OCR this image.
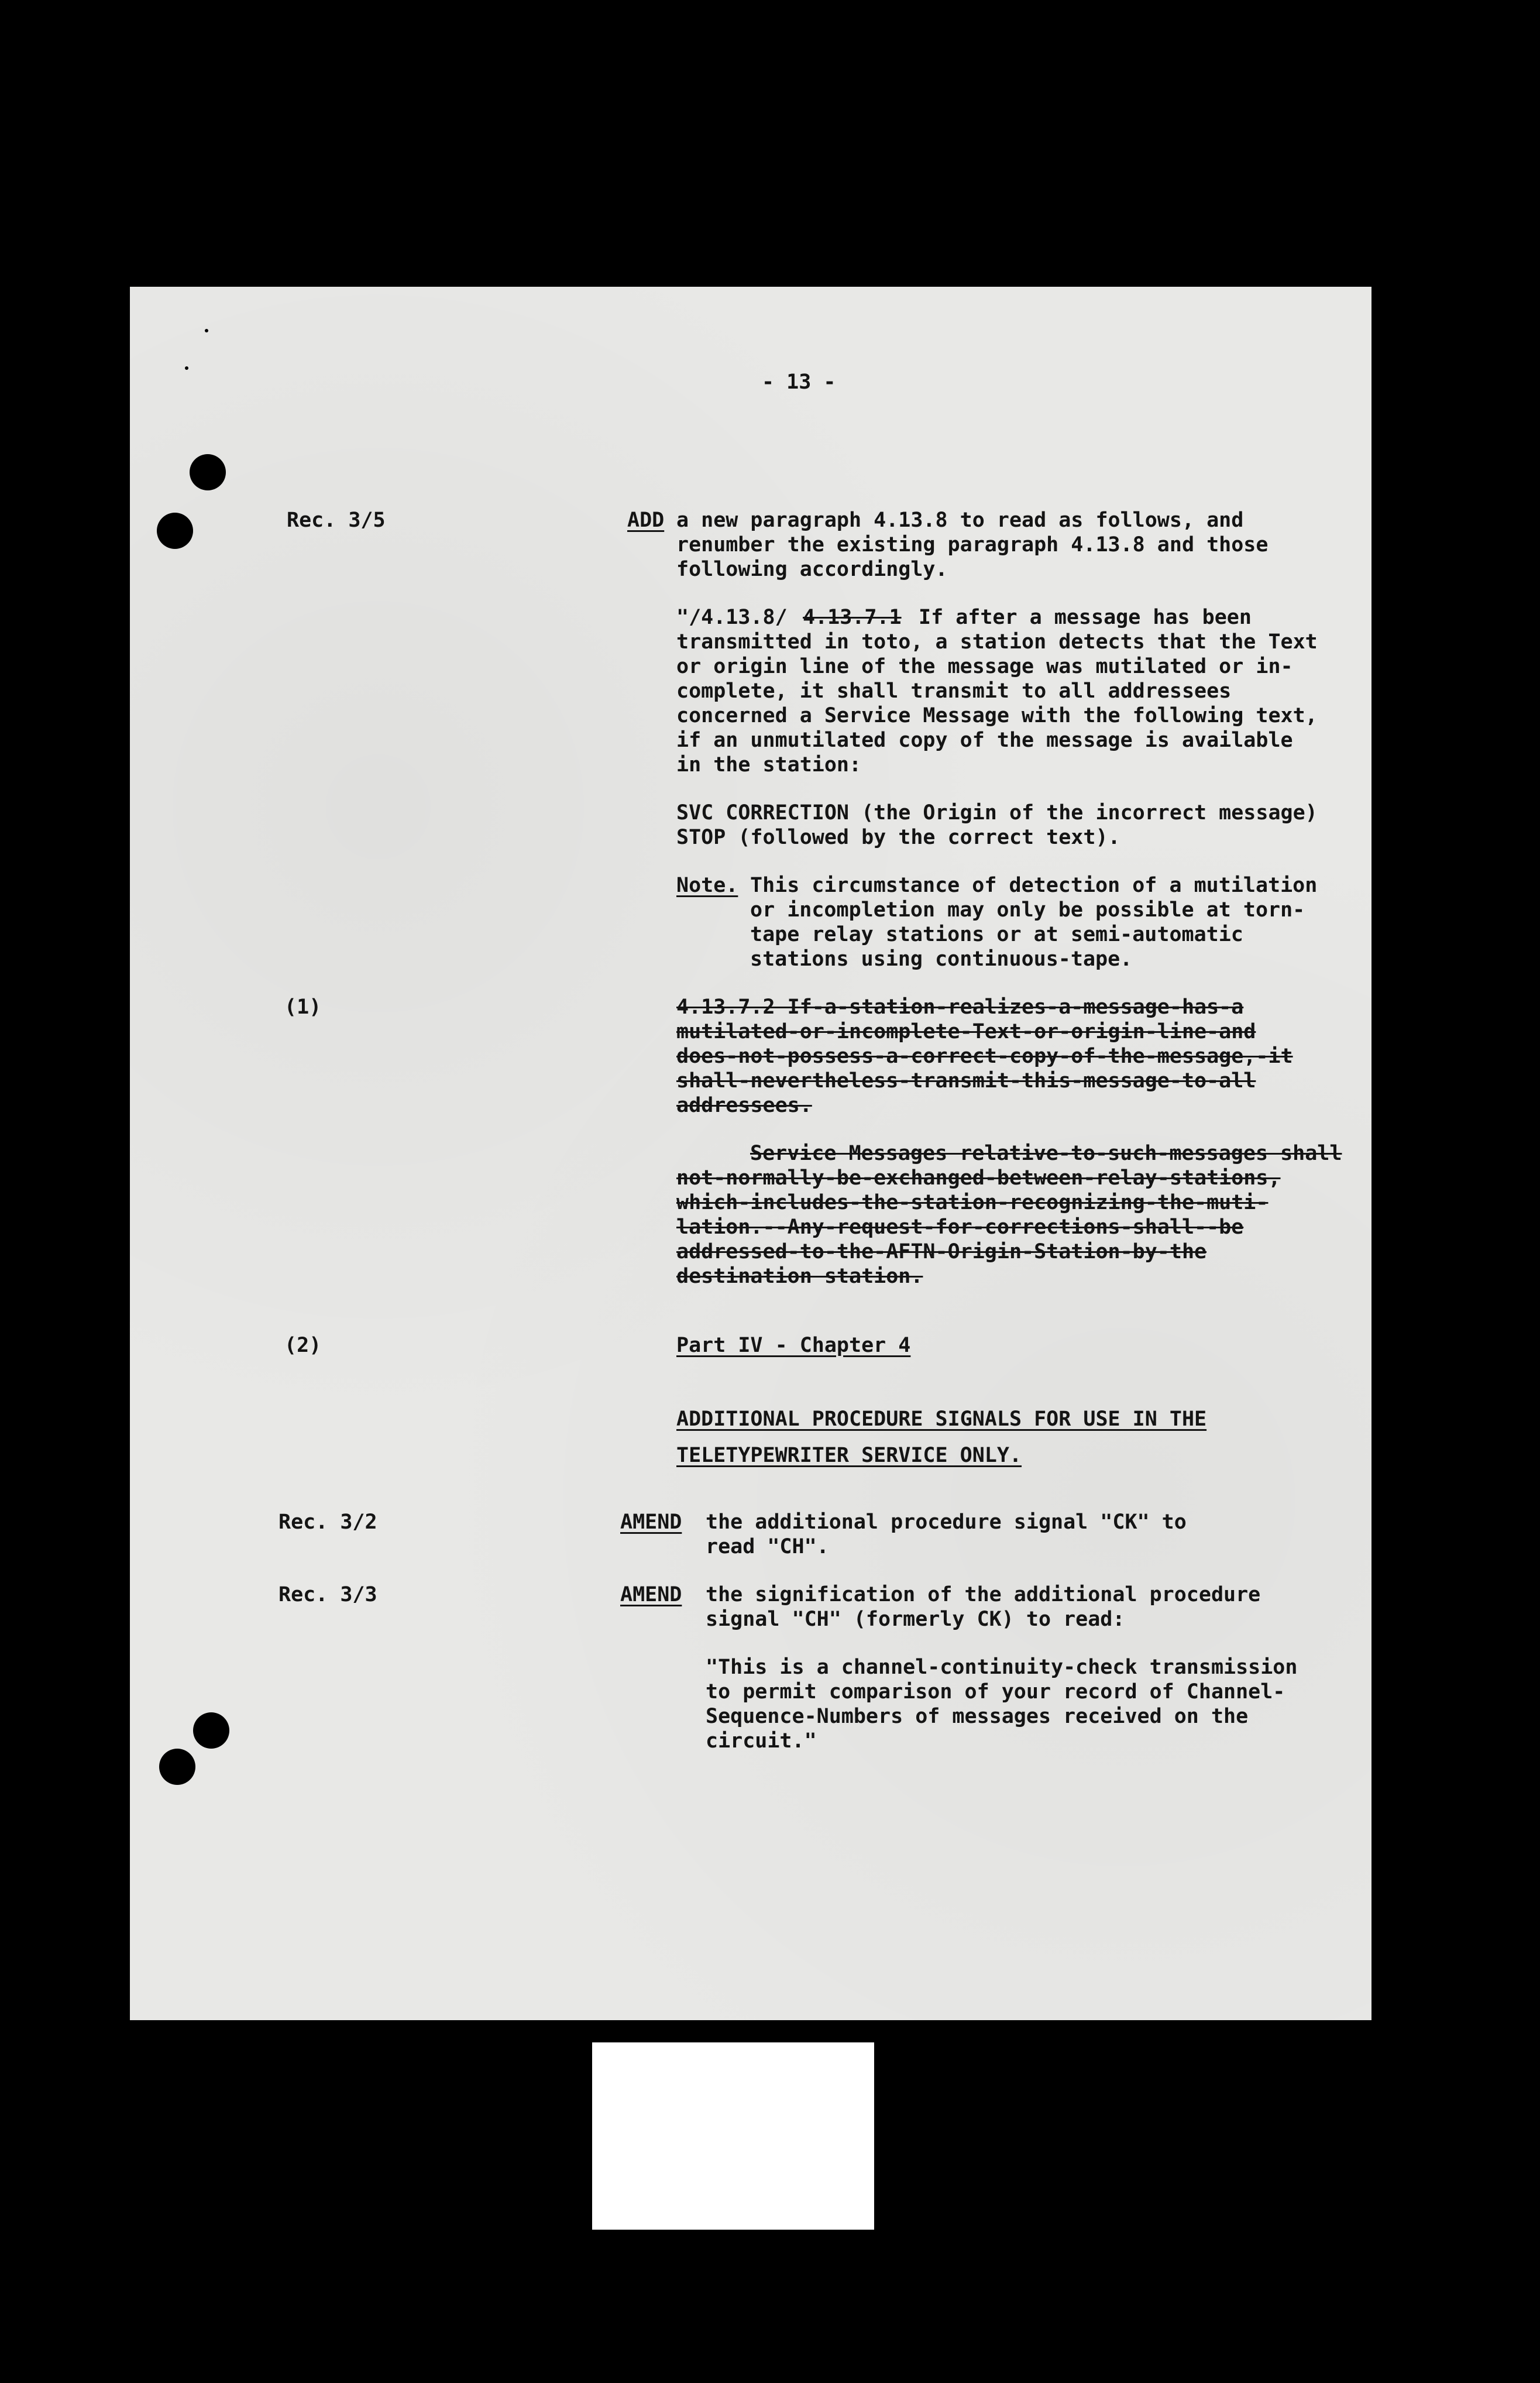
- 13 -

Rec. 3/5	ADD a new paragraph 4.13.8 to read as follows, and

renumber the existing paragraph 4.13.8 and those

following accordingly.

"/4.13.8/ 4.13.7.1 If after a message has been

transmitted in toto, a station detects that the Text

or origin line of the message was mutilated or in-

complete, it shall transmit to all addressees

concerned a Service Message with the following text,

if an unmutilated copy of the message is available

in the station:

SVC CORRECTION (the Origin of the incorrect message)

STOP (followed by the correct text).

Note. This circumstance of detection of a mutilation

or incompletion may only be possible at torn-

tape relay stations or at semi-automatic

stations using continuous-tape.

(1)	4.13.7.2 If-a-station-realizes-a-message-has-a

mutilated-or-incomplete-Text-or-origin-line-and

does-not-possess-a-correct-copy-of-the-message,-it

shall-nevertheless-transmit-this-message-to-all

addressees.

Service Messages relative-to-such-messages shall

not-normally-be-exchanged-between-relay-stations,

which-includes-the-station-recognizing-the-muti-

lation.--Any-request-for-corrections-shall--be

addressed-to-the-AFTN-Origin-Station-by-the

destination station.

(2)	Part IV - Chapter 4

ADDITIONAL PROCEDURE SIGNALS FOR USE IN THE

TELETYPEWRITER SERVICE ONLY.

Rec. 3/2	AMEND the additional procedure signal "CK" to

read "CH".

Rec. 3/3	AMEND the signification of the additional procedure

signal "CH" (formerly CK) to read:

"This is a channel-continuity-check transmission

to permit comparison of your record of Channel-

Sequence-Numbers of messages received on the

circuit."
